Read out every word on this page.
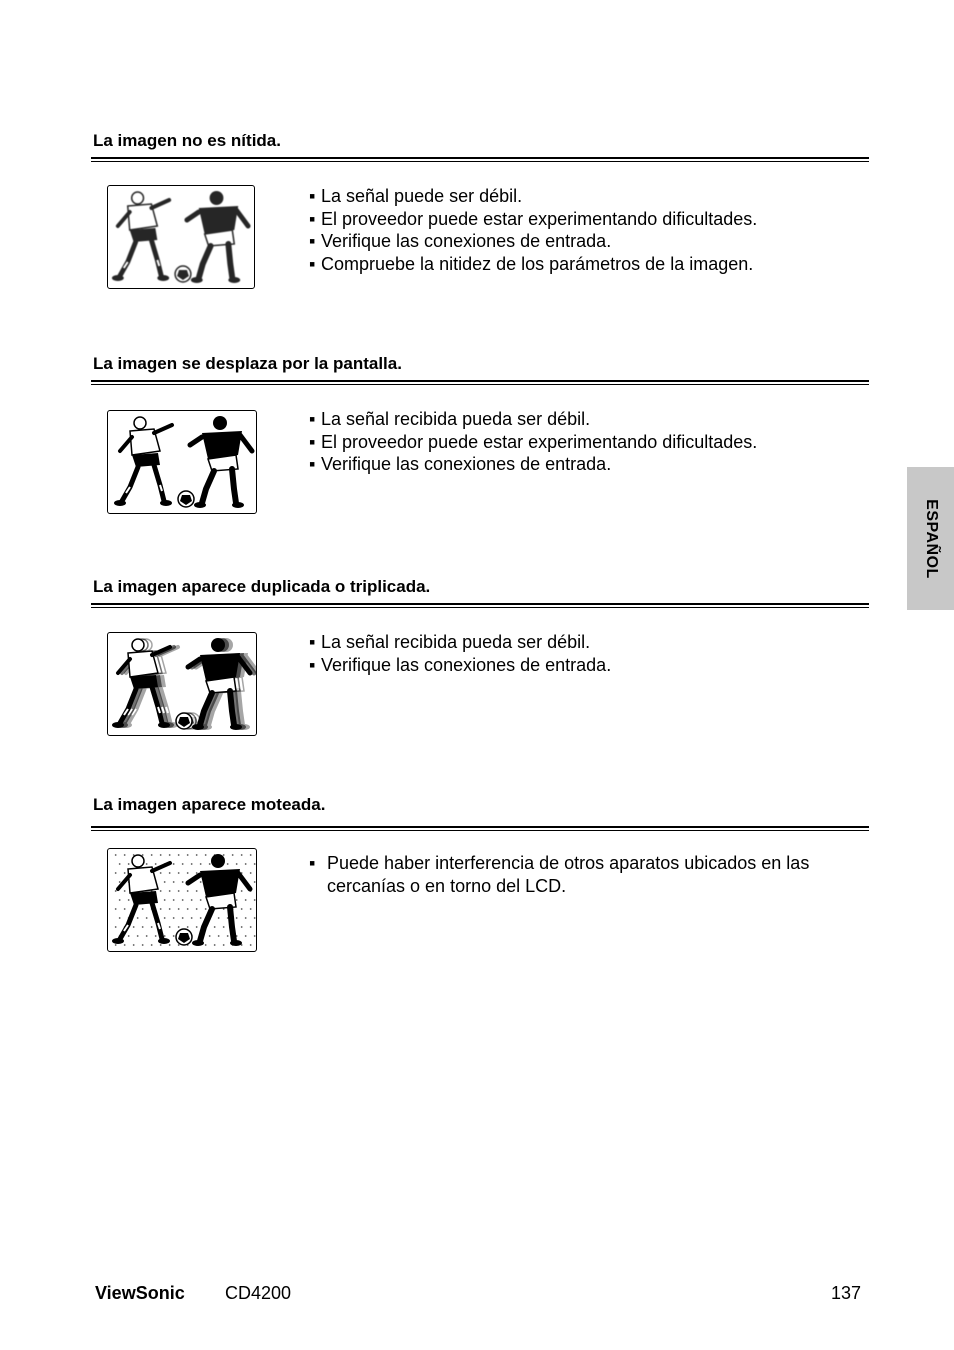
La imagen no es nítida.
▪ La señal puede ser débil.
▪ El proveedor puede estar experimentando dificultades.
▪ Verifique las conexiones de entrada.
▪ Compruebe la nitidez de los parámetros de la imagen.
La imagen se desplaza por la pantalla.
▪ La señal recibida pueda ser débil.
▪ El proveedor puede estar experimentando dificultades.
▪ Verifique las conexiones de entrada.
La imagen aparece duplicada o triplicada.
▪ La señal recibida pueda ser débil.
▪ Verifique las conexiones de entrada.
La imagen aparece moteada.
▪ Puede haber interferencia de otros aparatos ubicados en las cercanías o en torno del LCD.
ESPAÑOL
ViewSonic CD4200	137
